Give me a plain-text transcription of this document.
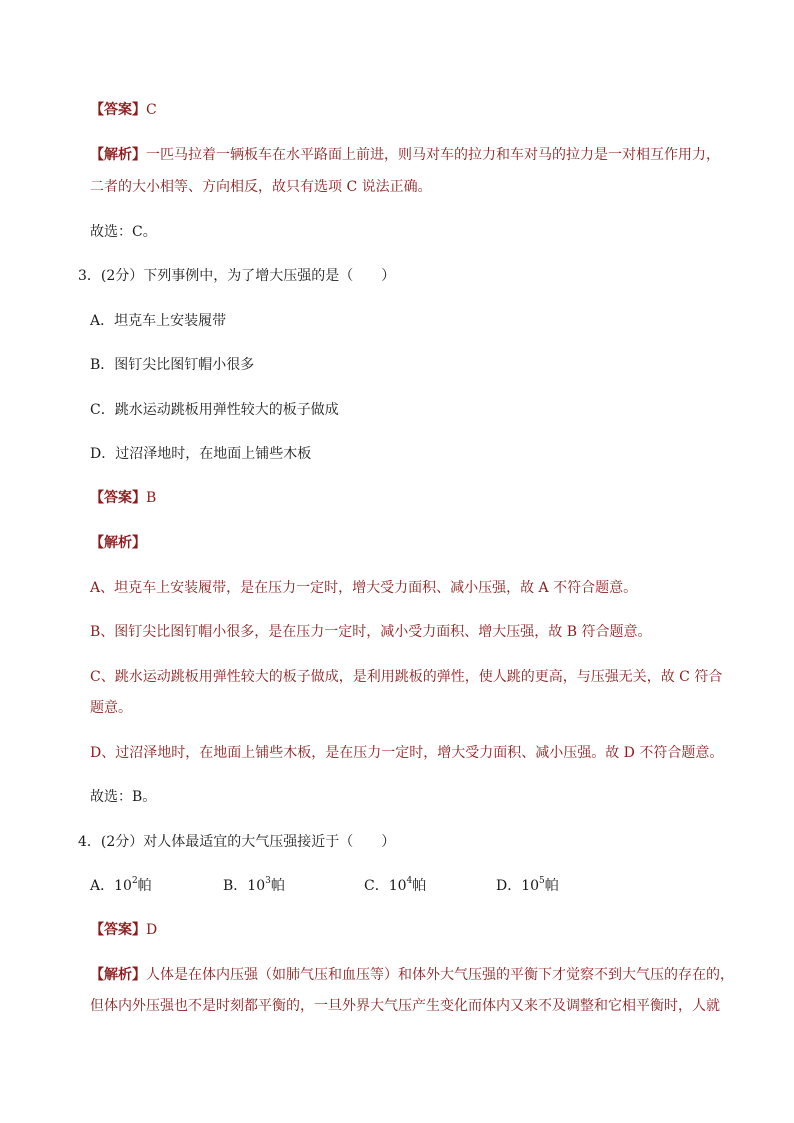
【答案】C
【解析】一匹马拉着一辆板车在水平路面上前进，则马对车的拉力和车对马的拉力是一对相互作用力，
二者的大小相等、方向相反，故只有选项 C 说法正确。
故选：C。
3．(2分）下列事例中，为了增大压强的是（　　）
A．坦克车上安装履带
B．图钉尖比图钉帽小很多
C．跳水运动跳板用弹性较大的板子做成
D．过沼泽地时，在地面上铺些木板
【答案】B
【解析】
A、坦克车上安装履带，是在压力一定时，增大受力面积、减小压强，故 A 不符合题意。
B、图钉尖比图钉帽小很多，是在压力一定时，减小受力面积、增大压强，故 B 符合题意。
C、跳水运动跳板用弹性较大的板子做成，是利用跳板的弹性，使人跳的更高，与压强无关，故 C 符合
题意。
D、过沼泽地时，在地面上铺些木板，是在压力一定时，增大受力面积、减小压强。故 D 不符合题意。
故选：B。
4．(2分）对人体最适宜的大气压强接近于（　　）
A．$10^2$帕	B．$10^3$帕	C．$10^4$帕	D．$10^5$帕
【答案】D
【解析】人体是在体内压强（如肺气压和血压等）和体外大气压强的平衡下才觉察不到大气压的存在的，
但体内外压强也不是时刻都平衡的，一旦外界大气压产生变化而体内又来不及调整和它相平衡时，人就
